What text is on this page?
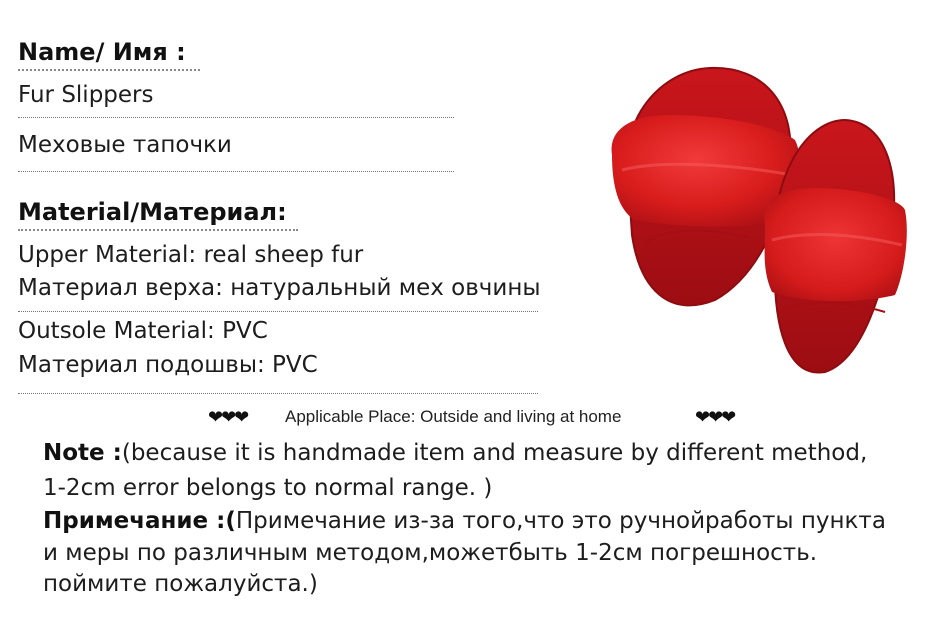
Name/ Имя :
Fur Slippers
Меховые тапочки
Material/Материал:
Upper Material: real sheep fur
Материал верха: натуральный мех овчины
Outsole Material: PVC
Материал подошвы: PVC
❤❤❤ Applicable Place: Outside and living at home	❤❤❤
Note :(because it is handmade item and measure by different method,
1-2cm error belongs to normal range. )
Примечание :(Примечание из-за того,что это ручнойработы пункта
и меры по различным методом,можетбыть 1-2см погрешность.
поймите пожалуйста.)
